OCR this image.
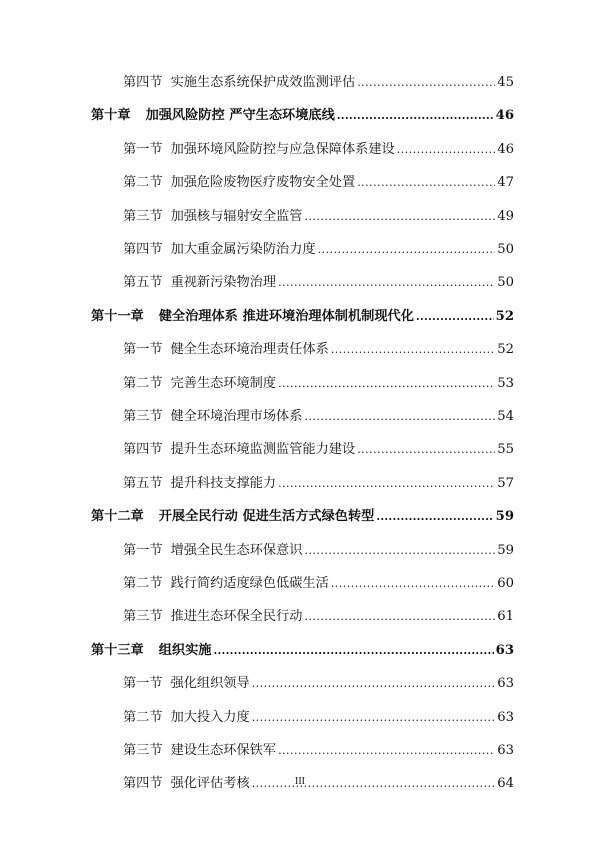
第四节 实施生态系统保护成效监测评估 .....	45
第十章 加强风险防控 严守生态环境底线 .....	46
第一节 加强环境风险防控与应急保障体系建设 .....	46
第二节 加强危险废物医疗废物安全处置 .....	47
第三节 加强核与辐射安全监管 .....	49
第四节 加大重金属污染防治力度 .....	50
第五节 重视新污染物治理 .....	50
第十一章 健全治理体系 推进环境治理体制机制现代化 .....	52
第一节 健全生态环境治理责任体系 .....	52
第二节 完善生态环境制度 .....	53
第三节 健全环境治理市场体系 .....	54
第四节 提升生态环境监测监管能力建设 .....	55
第五节 提升科技支撑能力 .....	57
第十二章 开展全民行动 促进生活方式绿色转型 .....	59
第一节 增强全民生态环保意识 .....	59
第二节 践行简约适度绿色低碳生活 .....	60
第三节 推进生态环保全民行动 .....	61
第十三章 组织实施 .....	63
第一节 强化组织领导 .....	63
第二节 加大投入力度 .....	63
第三节 建设生态环保铁军 .....	63
第四节 强化评估考核 .....	64
III
